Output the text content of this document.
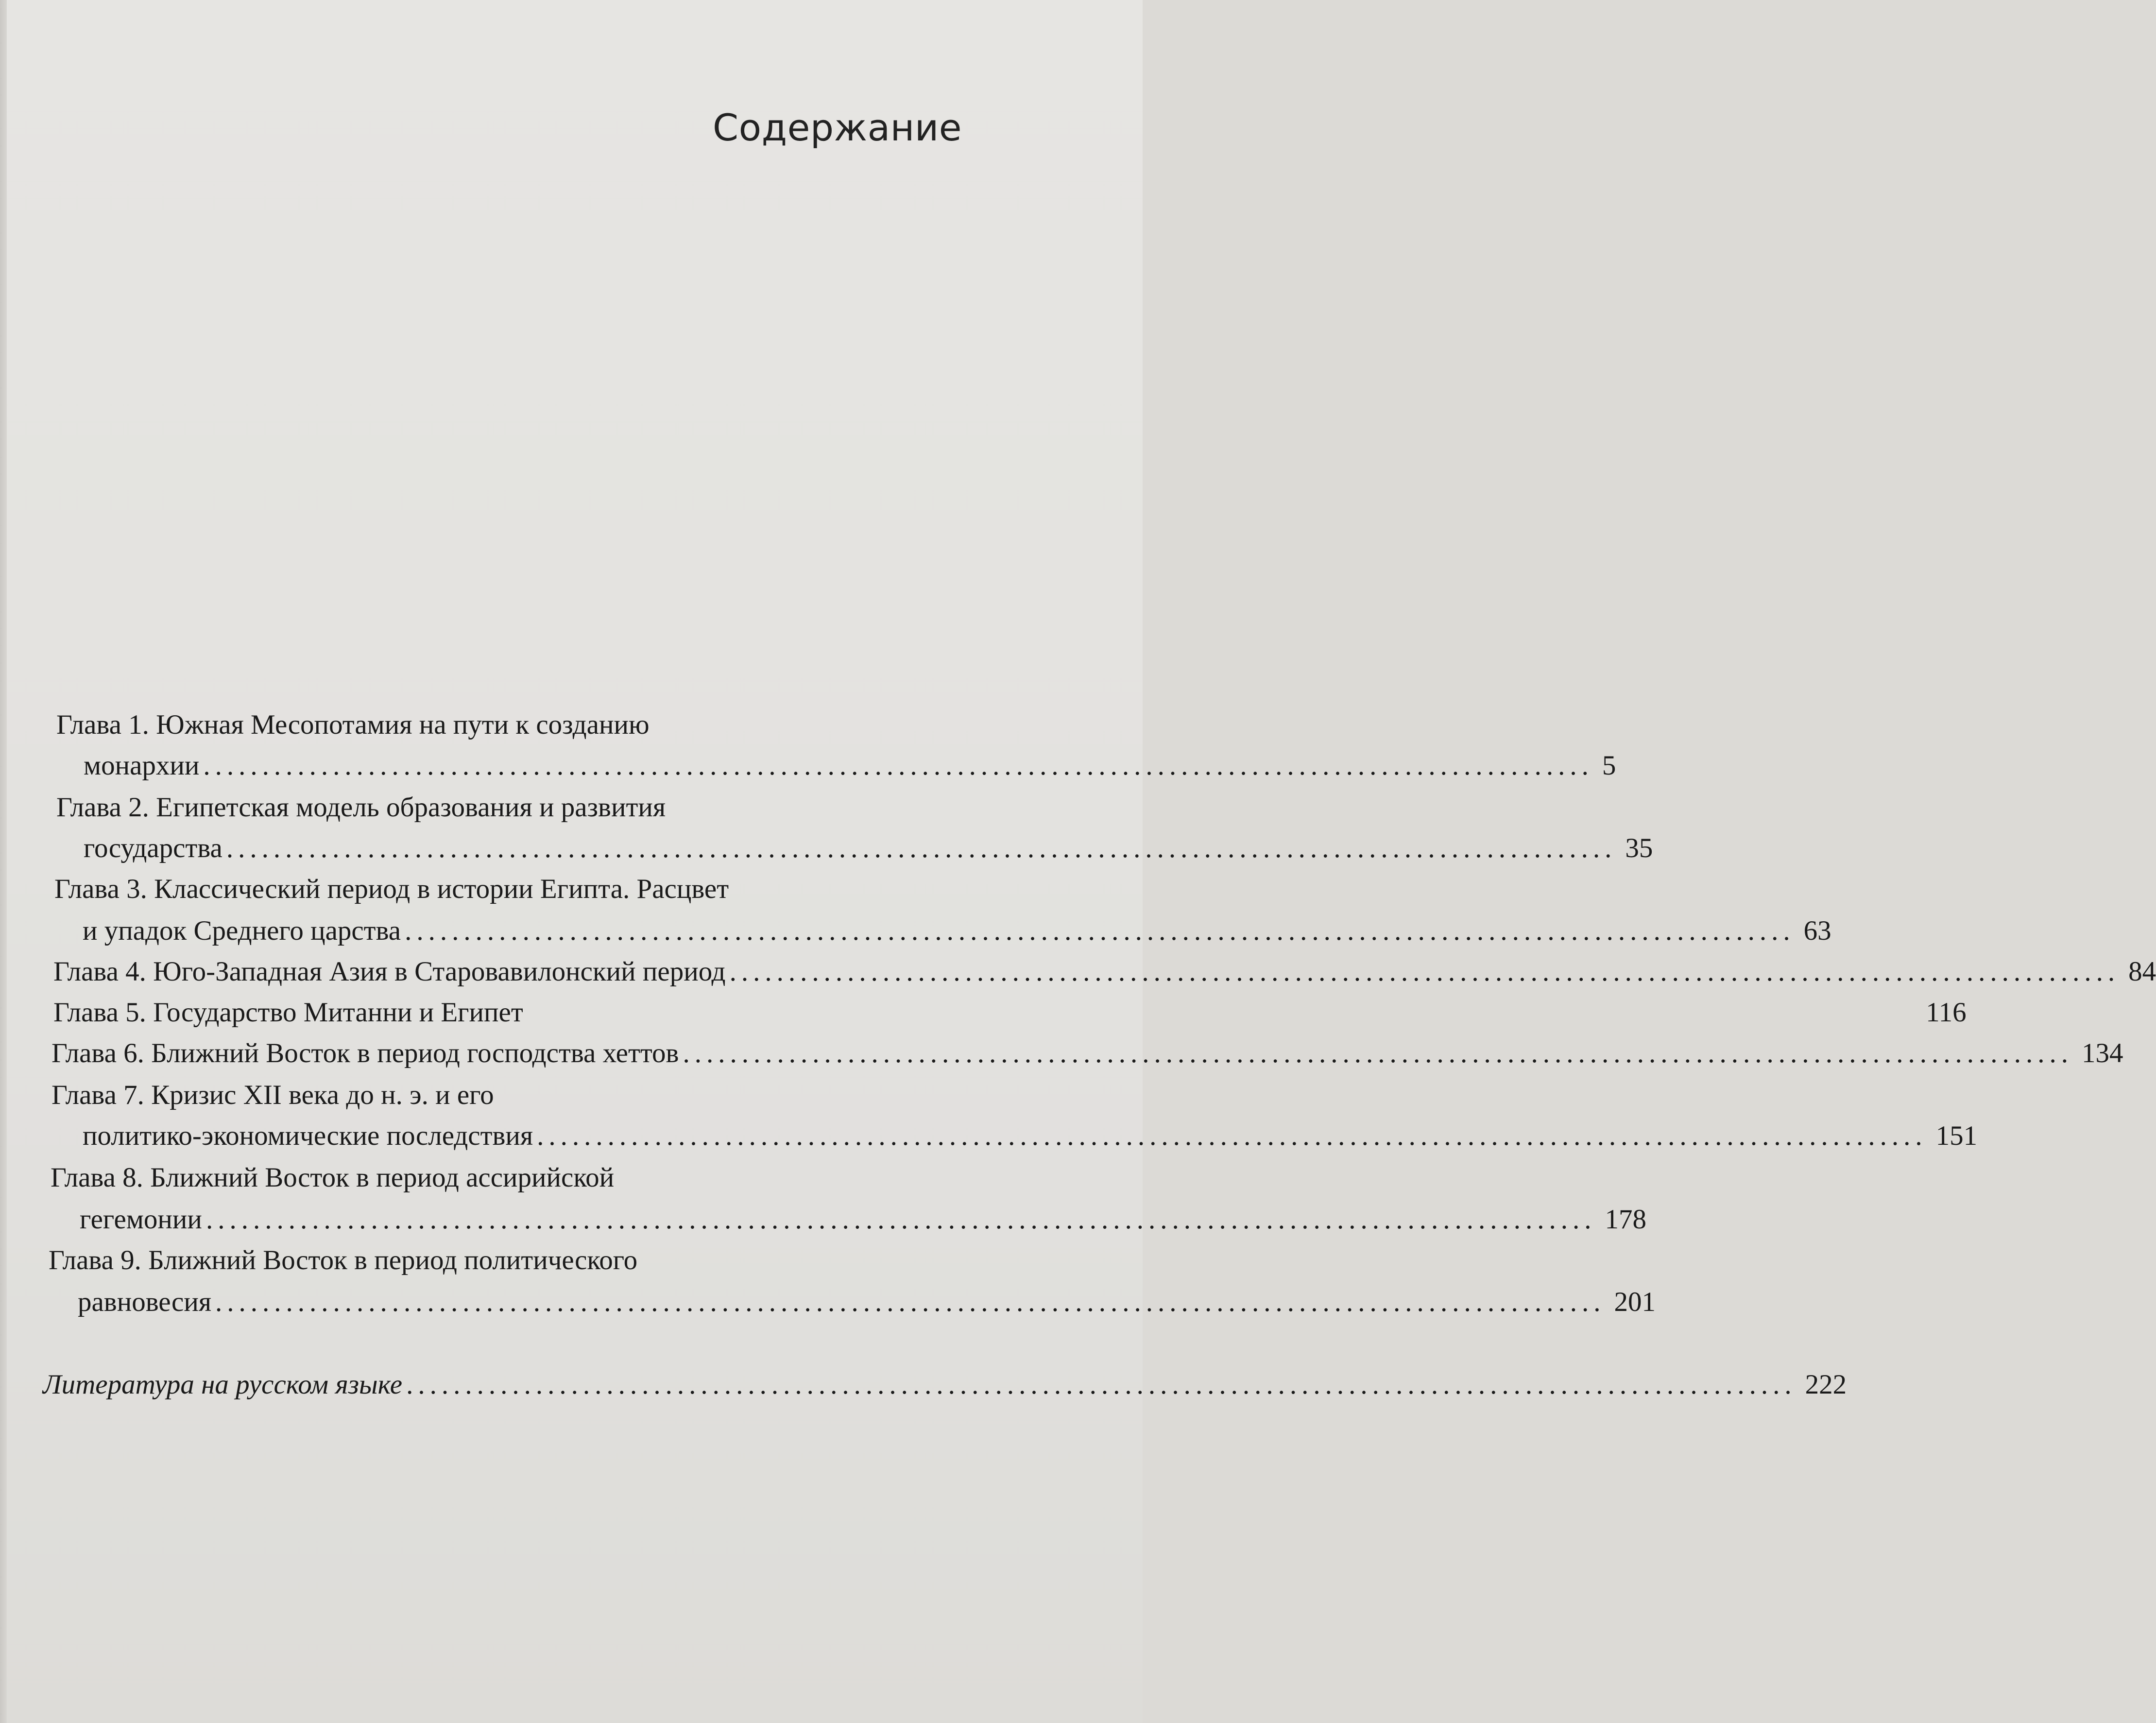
Содержание
Глава 1. Южная Месопотамия на пути к созданию
монархии ...................................................................................................................... 5
Глава 2. Египетская модель образования и развития
государства ...................................................................................................................... 35
Глава 3. Классический период в истории Египта. Расцвет
и упадок Среднего царства ...................................................................................................................... 63
Глава 4. Юго-Западная Азия в Старовавилонский период ...................................................................................................................... 84
Глава 5. Государство Митанни и Египет	116
Глава 6. Ближний Восток в период господства хеттов ...................................................................................................................... 134
Глава 7. Кризис XII века до н. э. и его
политико-экономические последствия ...................................................................................................................... 151
Глава 8. Ближний Восток в период ассирийской
гегемонии ...................................................................................................................... 178
Глава 9. Ближний Восток в период политического
равновесия ...................................................................................................................... 201
Литература на русском языке ...................................................................................................................... 222
